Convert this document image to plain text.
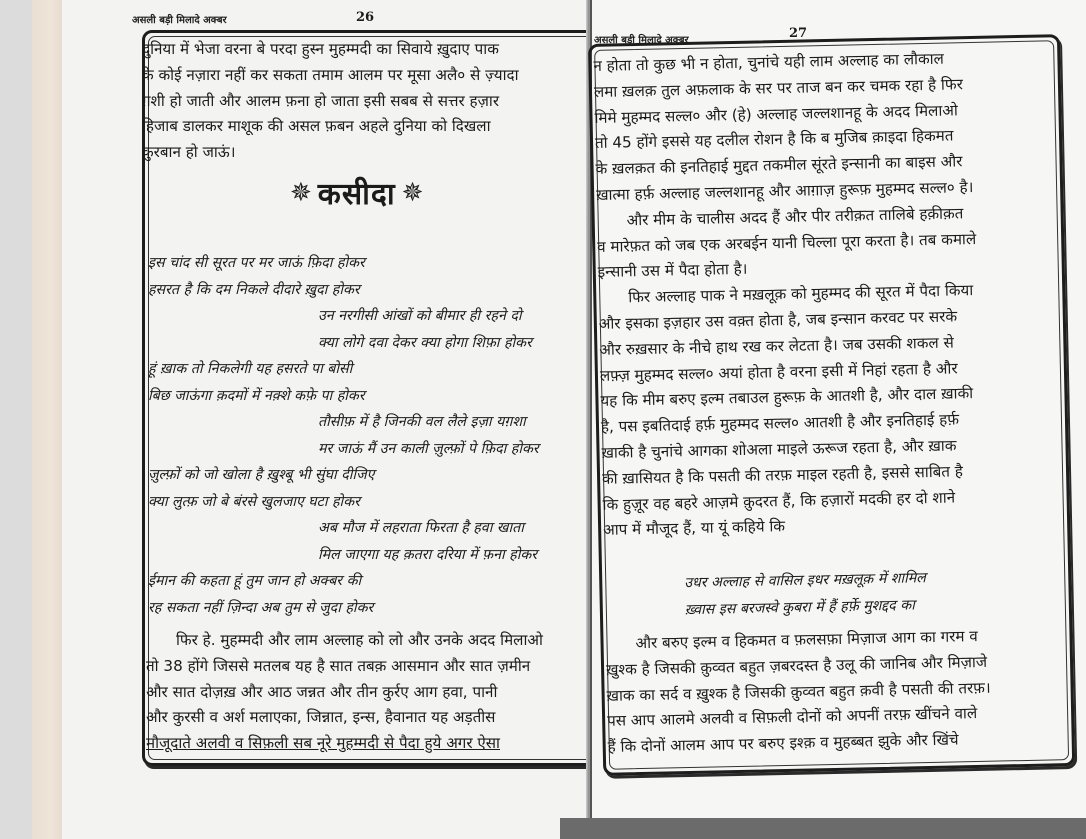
असली बड़ी मिलादे अक्बर	26
दुनिया में भेजा वरना बे परदा हुस्न मुहम्मदी का सिवाये ख़ुदाए पाक
के कोई नज़ारा नहीं कर सकता तमाम आलम पर मूसा अलै० से ज़्यादा
ग़शी हो जाती और आलम फ़ना हो जाता इसी सबब से सत्तर हज़ार
हिजाब डालकर माशूक की असल फ़बन अहले दुनिया को दिखला
क़ुरबान हो जाऊं।
✵ कसीदा ✵
इस चांद सी सूरत पर मर जाऊं फ़िदा होकर
हसरत है कि दम निकले दीदारे ख़ुदा होकर
उन नरगीसी आंखों को बीमार ही रहने दो
क्या लोगे दवा देकर क्या होगा शिफ़ा होकर
हूं ख़ाक तो निकलेगी यह हसरते पा बोसी
बिछ जाऊंगा क़दमों में नक़्शे कफ़े पा होकर
तौसीफ़ में है जिनकी वल लैले इज़ा यग़शा
मर जाऊं मैं उन काली ज़ुल्फ़ों पे फ़िदा होकर
ज़ुल्फ़ों को जो खोला है ख़ुश्बू भी सुंघा दीजिए
क्या लुत्फ़ जो बे बंरसे खुलजाए घटा होकर
अब मौज में लहराता फिरता है हवा खाता
मिल जाएगा यह क़तरा दरिया में फ़ना होकर
ईमान की कहता हूं तुम जान हो अक्बर की
रह सकता नहीं ज़िन्दा अब तुम से जुदा होकर
फिर हे. मुहम्मदी और लाम अल्लाह को लो और उनके अदद मिलाओ
तो 38 होंगे जिससे मतलब यह है सात तबक़ आसमान और सात ज़मीन
और सात दोज़ख़ और आठ जन्नत और तीन कुर्रए आग हवा, पानी
और कुरसी व अर्श मलाएका, जिन्नात, इन्स, हैवानात यह अड़तीस
मौजूदाते अलवी व सिफ़ली सब नूरे मुहम्मदी से पैदा हुये अगर ऐसा
असली बड़ी मिलादे अक्बर	27
न होता तो कुछ भी न होता, चुनांचे यही लाम अल्लाह का लौकाल
लमा ख़लक़ तुल अफ़लाक के सर पर ताज बन कर चमक रहा है फिर
मिमे मुहम्मद सल्ल० और (हे) अल्लाह जल्लशानहू के अदद मिलाओ
तो 45 होंगे इससे यह दलील रोशन है कि ब मुजिब क़ाइदा हिकमत
के ख़लक़त की इनतिहाई मुद्दत तकमील सूंरते इन्सानी का बाइस और
ख़ात्मा हर्फ़ अल्लाह जल्लशानहू और आग़ाज़ हुरूफ़ मुहम्मद सल्ल० है।
और मीम के चालीस अदद हैं और पीर तरीक़त तालिबे हक़ीक़त
व मारेफ़त को जब एक अरबईन यानी चिल्ला पूरा करता है। तब कमाले
इन्सानी उस में पैदा होता है।
फिर अल्लाह पाक ने मख़लूक़ को मुहम्मद की सूरत में पैदा किया
और इसका इज़हार उस वक़्त होता है, जब इन्सान करवट पर सरके
और रुख़सार के नीचे हाथ रख कर लेटता है। जब उसकी शकल से
लफ़्ज़ मुहम्मद सल्ल० अयां होता है वरना इसी में निहां रहता है और
यह कि मीम बरुए इल्म तबाउल हुरूफ़ के आतशी है, और दाल ख़ाकी
है, पस इबतिदाई हर्फ़ मुहम्मद सल्ल० आतशी है और इनतिहाई हर्फ़
ख़ाकी है चुनांचे आगका शोअला माइले ऊरूज रहता है, और ख़ाक
की ख़ासियत है कि पसती की तरफ़ माइल रहती है, इससे साबित है
कि हुज़ूर वह बहरे आज़मे क़ुदरत हैं, कि हज़ारों मदकी हर दो शाने
आप में मौजूद हैं, या यूं कहिये कि
उधर अल्लाह से वासिल इधर मख़लूक़ में शामिल
ख़्वास इस बरजस्वे कुबरा में हैं हर्फ़े मुशद्दद का
और बरुए इल्म व हिकमत व फ़लसफ़ा मिज़ाज आग का गरम व
ख़ुश्क है जिसकी क़ुव्वत बहुत ज़बरदस्त है उलू की जानिब और मिज़ाजे
ख़ाक का सर्द व ख़ुश्क है जिसकी क़ुव्वत बहुत क़वी है पसती की तरफ़।
पस आप आलमे अलवी व सिफ़ली दोनों को अपनीं तरफ़ खींचने वाले
हैं कि दोनों आलम आप पर बरुए इश्क़ व मुहब्बत झुके और खिंचे
